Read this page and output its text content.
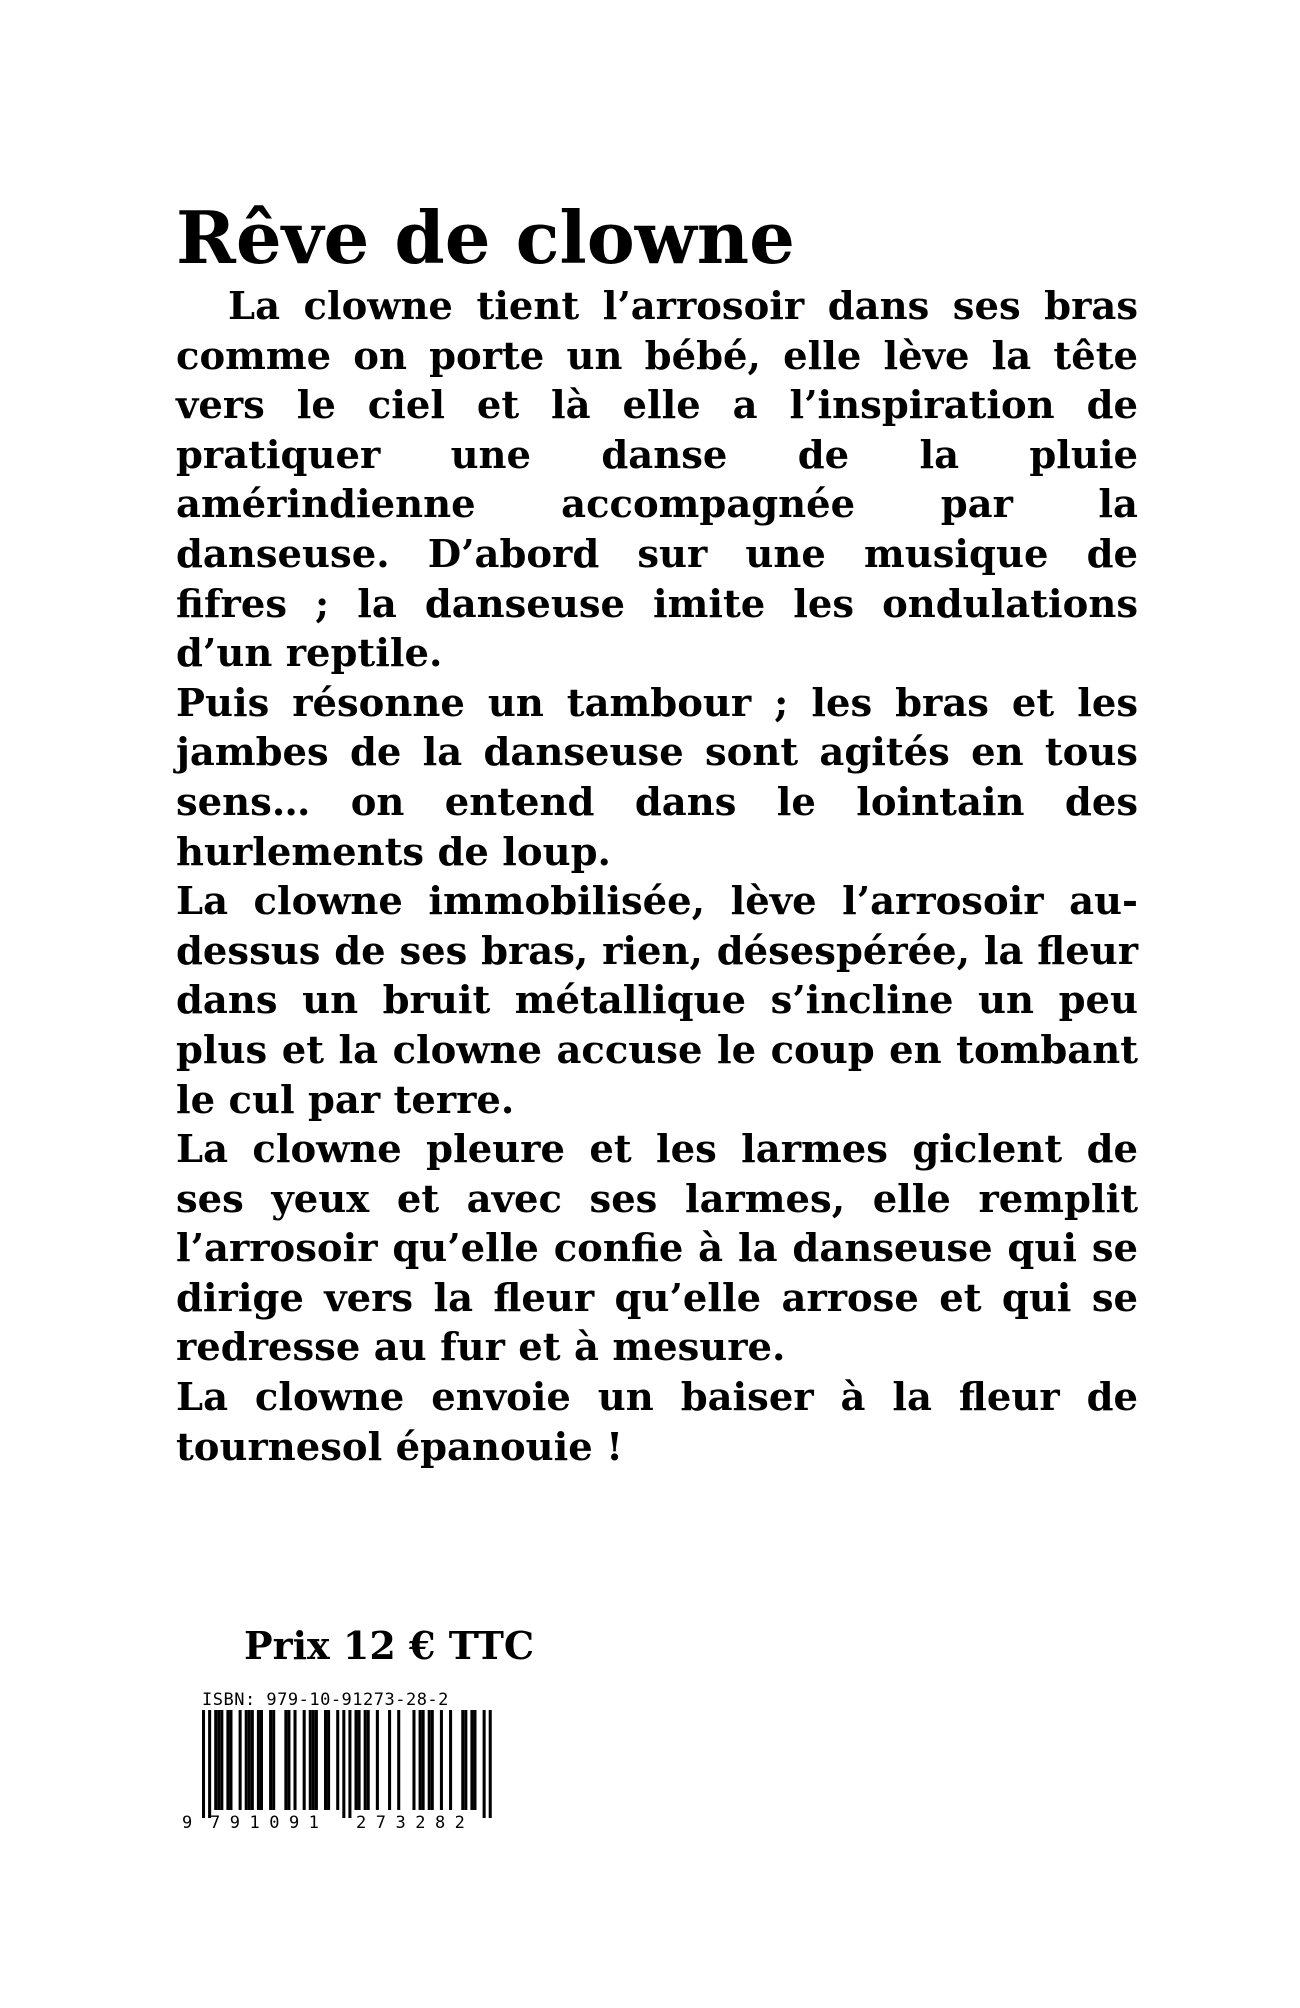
Rêve de clowne

La clowne tient l’arrosoir dans ses bras comme on porte un bébé, elle lève la tête vers le ciel et là elle a l’inspiration de pratiquer une danse de la pluie amérindienne accompagnée par la danseuse. D’abord sur une musique de fifres ; la danseuse imite les ondulations d’un reptile.

Puis résonne un tambour ; les bras et les jambes de la danseuse sont agités en tous sens… on entend dans le lointain des hurlements de loup.

La clowne immobilisée, lève l’arrosoir au-dessus de ses bras, rien, désespérée, la fleur dans un bruit métallique s’incline un peu plus et la clowne accuse le coup en tombant le cul par terre.

La clowne pleure et les larmes giclent de ses yeux et avec ses larmes, elle remplit l’arrosoir qu’elle confie à la danseuse qui se dirige vers la fleur qu’elle arrose et qui se redresse au fur et à mesure.

La clowne envoie un baiser à la fleur de tournesol épanouie !

Prix 12 € TTC
ISBN: 979-10-91273-28-2
9 791091 273282
